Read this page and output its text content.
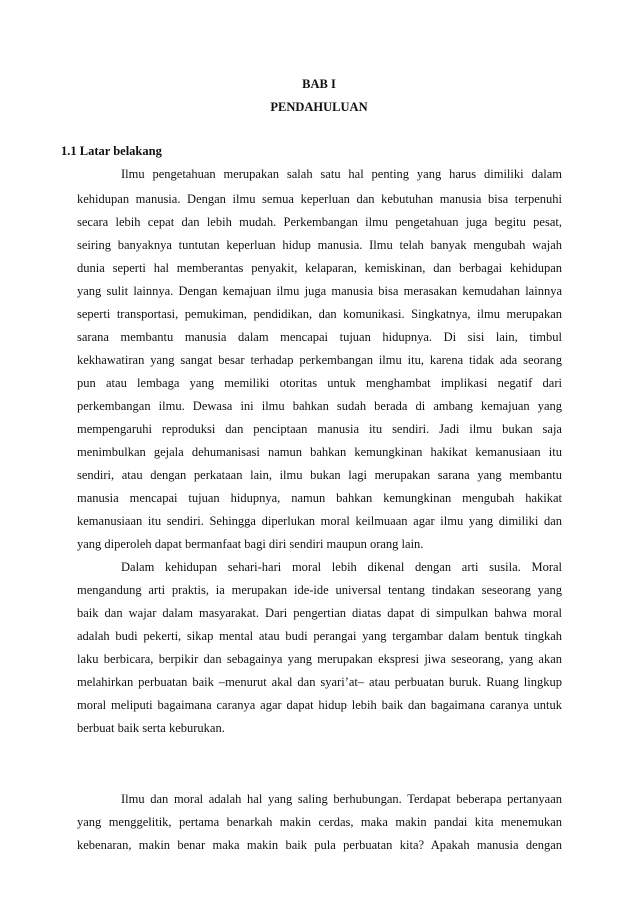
BAB I
PENDAHULUAN
1.1 Latar belakang
Ilmu pengetahuan merupakan salah satu hal penting yang harus dimiliki dalam
kehidupan manusia. Dengan ilmu semua keperluan dan kebutuhan manusia bisa terpenuhi
secara lebih cepat dan lebih mudah. Perkembangan ilmu pengetahuan juga begitu pesat,
seiring banyaknya tuntutan keperluan hidup manusia. Ilmu telah banyak mengubah wajah
dunia seperti hal memberantas penyakit, kelaparan, kemiskinan, dan berbagai kehidupan
yang sulit lainnya. Dengan kemajuan ilmu juga manusia bisa merasakan kemudahan lainnya
seperti transportasi, pemukiman, pendidikan, dan komunikasi. Singkatnya, ilmu merupakan
sarana membantu manusia dalam mencapai tujuan hidupnya. Di sisi lain, timbul
kekhawatiran yang sangat besar terhadap perkembangan ilmu itu, karena tidak ada seorang
pun atau lembaga yang memiliki otoritas untuk menghambat implikasi negatif dari
perkembangan ilmu. Dewasa ini ilmu bahkan sudah berada di ambang kemajuan yang
mempengaruhi reproduksi dan penciptaan manusia itu sendiri. Jadi ilmu bukan saja
menimbulkan gejala dehumanisasi namun bahkan kemungkinan hakikat kemanusiaan itu
sendiri, atau dengan perkataan lain, ilmu bukan lagi merupakan sarana yang membantu
manusia mencapai tujuan hidupnya, namun bahkan kemungkinan mengubah hakikat
kemanusiaan itu sendiri. Sehingga diperlukan moral keilmuaan agar ilmu yang dimiliki dan
yang diperoleh dapat bermanfaat bagi diri sendiri maupun orang lain.
Dalam kehidupan sehari-hari moral lebih dikenal dengan arti susila. Moral
mengandung arti praktis, ia merupakan ide-ide universal tentang tindakan seseorang yang
baik dan wajar dalam masyarakat. Dari pengertian diatas dapat di simpulkan bahwa moral
adalah budi pekerti, sikap mental atau budi perangai yang tergambar dalam bentuk tingkah
laku berbicara, berpikir dan sebagainya yang merupakan ekspresi jiwa seseorang, yang akan
melahirkan perbuatan baik –menurut akal dan syari’at– atau perbuatan buruk. Ruang lingkup
moral meliputi bagaimana caranya agar dapat hidup lebih baik dan bagaimana caranya untuk
berbuat baik serta keburukan.
Ilmu dan moral adalah hal yang saling berhubungan. Terdapat beberapa pertanyaan
yang menggelitik, pertama benarkah makin cerdas, maka makin pandai kita menemukan
kebenaran, makin benar maka makin baik pula perbuatan kita? Apakah manusia dengan
